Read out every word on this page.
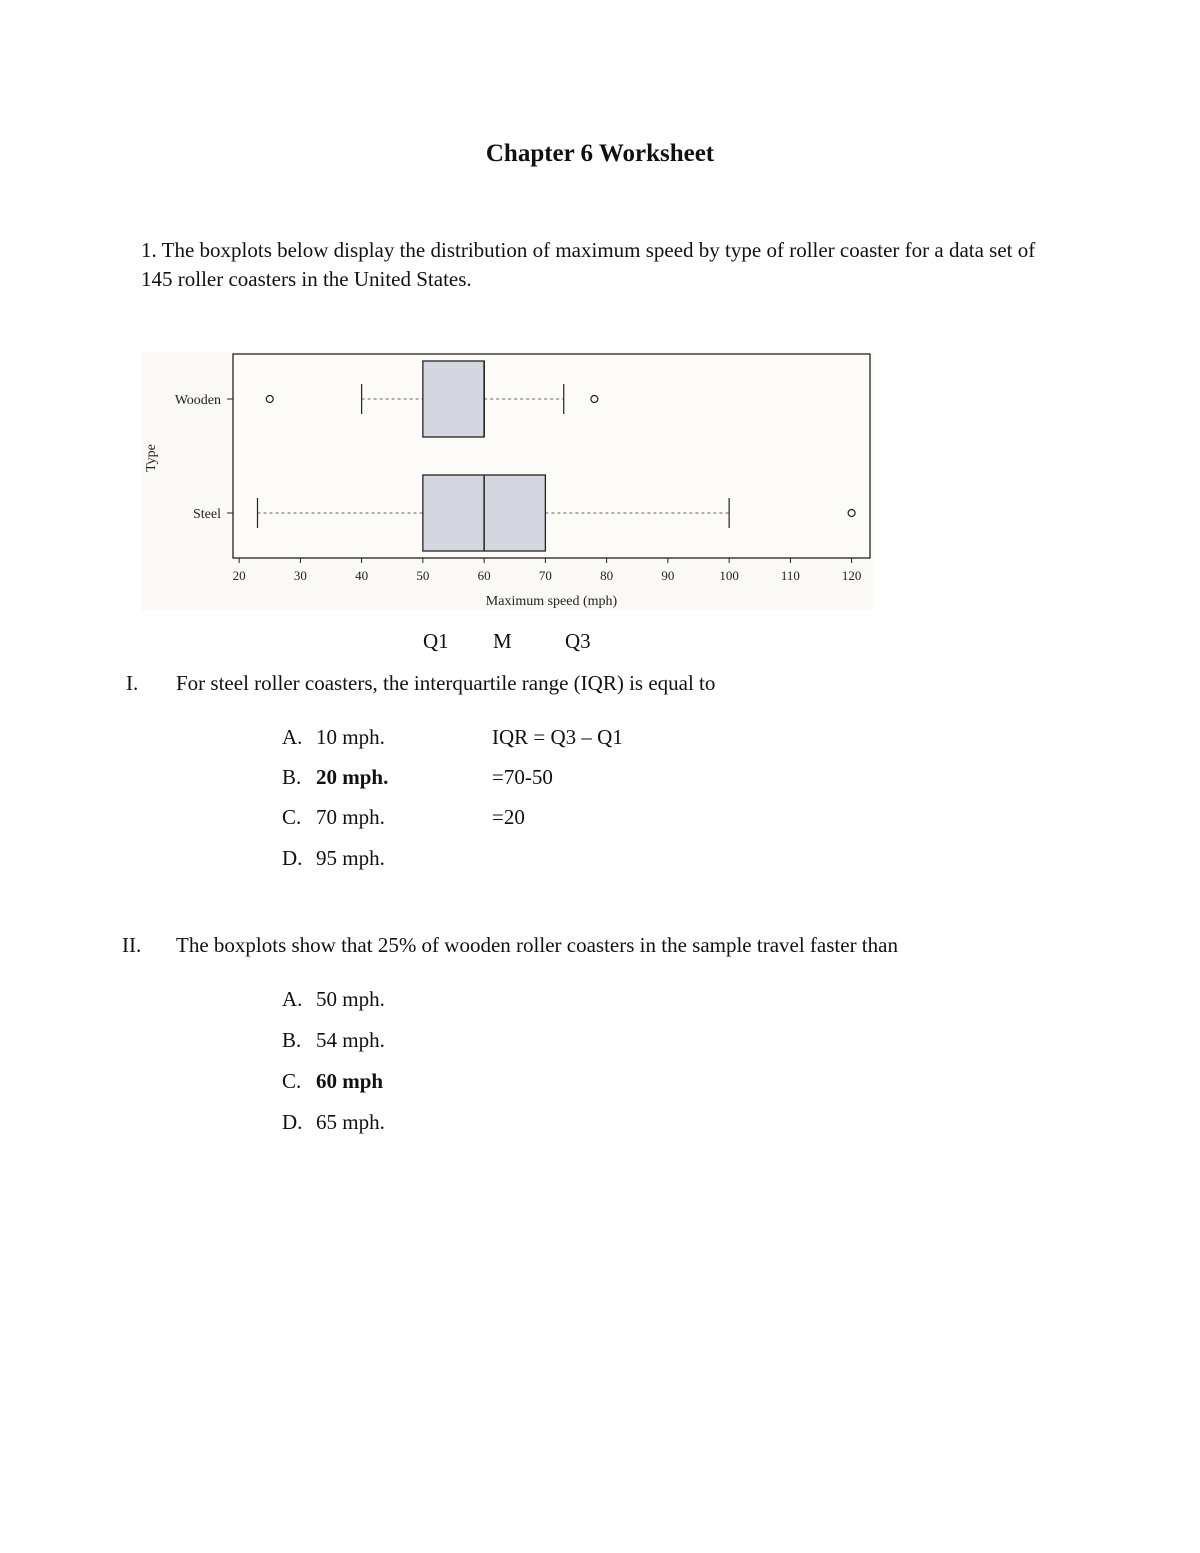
Chapter 6 Worksheet
1. The boxplots below display the distribution of maximum speed by type of roller coaster for a data set of 145 roller coasters in the United States.
20	30	40	50	60	70	80	90	100	110	120
Maximum speed (mph)
Type
Wooden
Steel
Q1 M	Q3
I. For steel roller coasters, the interquartile range (IQR) is equal to
A. 10 mph.
B. 20 mph.
C. 70 mph.
D. 95 mph.
IQR = Q3 – Q1
=70-50
=20
II. The boxplots show that 25% of wooden roller coasters in the sample travel faster than
A. 50 mph.
B. 54 mph.
C. 60 mph
D. 65 mph.
